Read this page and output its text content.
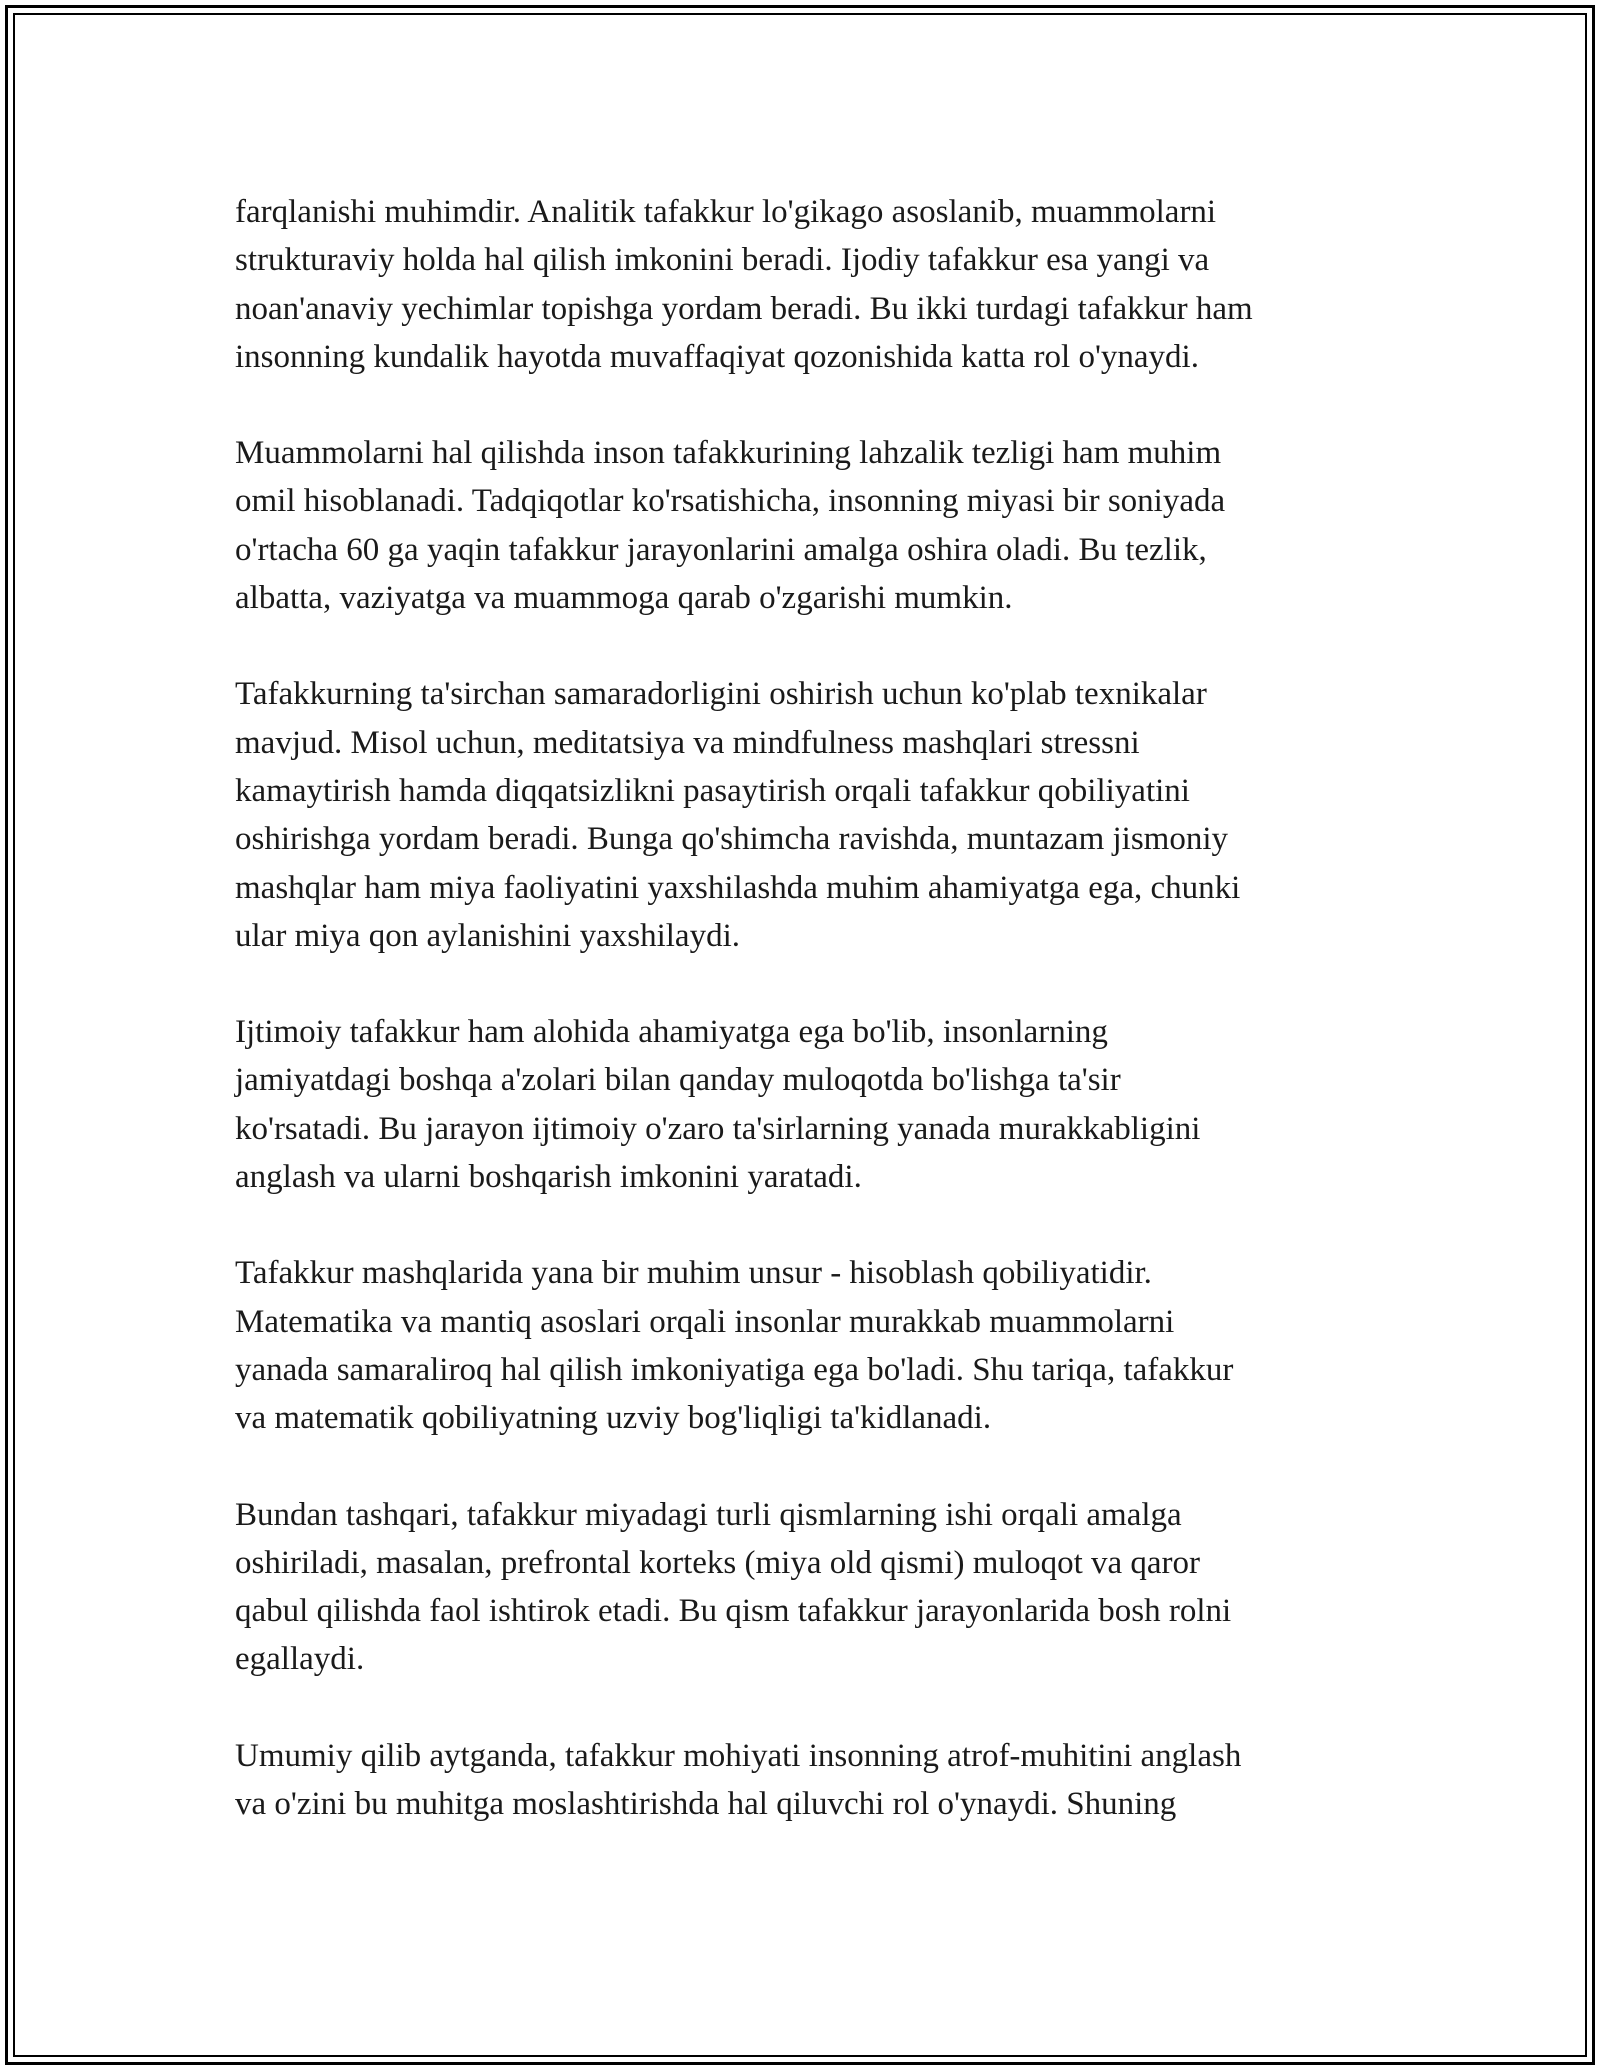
farqlanishi muhimdir. Analitik tafakkur lo'gikago asoslanib, muammolarni
strukturaviy holda hal qilish imkonini beradi. Ijodiy tafakkur esa yangi va
noan'anaviy yechimlar topishga yordam beradi. Bu ikki turdagi tafakkur ham
insonning kundalik hayotda muvaffaqiyat qozonishida katta rol o'ynaydi.

Muammolarni hal qilishda inson tafakkurining lahzalik tezligi ham muhim
omil hisoblanadi. Tadqiqotlar ko'rsatishicha, insonning miyasi bir soniyada
o'rtacha 60 ga yaqin tafakkur jarayonlarini amalga oshira oladi. Bu tezlik,
albatta, vaziyatga va muammoga qarab o'zgarishi mumkin.

Tafakkurning ta'sirchan samaradorligini oshirish uchun ko'plab texnikalar
mavjud. Misol uchun, meditatsiya va mindfulness mashqlari stressni
kamaytirish hamda diqqatsizlikni pasaytirish orqali tafakkur qobiliyatini
oshirishga yordam beradi. Bunga qo'shimcha ravishda, muntazam jismoniy
mashqlar ham miya faoliyatini yaxshilashda muhim ahamiyatga ega, chunki
ular miya qon aylanishini yaxshilaydi.

Ijtimoiy tafakkur ham alohida ahamiyatga ega bo'lib, insonlarning
jamiyatdagi boshqa a'zolari bilan qanday muloqotda bo'lishga ta'sir
ko'rsatadi. Bu jarayon ijtimoiy o'zaro ta'sirlarning yanada murakkabligini
anglash va ularni boshqarish imkonini yaratadi.

Tafakkur mashqlarida yana bir muhim unsur - hisoblash qobiliyatidir.
Matematika va mantiq asoslari orqali insonlar murakkab muammolarni
yanada samaraliroq hal qilish imkoniyatiga ega bo'ladi. Shu tariqa, tafakkur
va matematik qobiliyatning uzviy bog'liqligi ta'kidlanadi.

Bundan tashqari, tafakkur miyadagi turli qismlarning ishi orqali amalga
oshiriladi, masalan, prefrontal korteks (miya old qismi) muloqot va qaror
qabul qilishda faol ishtirok etadi. Bu qism tafakkur jarayonlarida bosh rolni
egallaydi.

Umumiy qilib aytganda, tafakkur mohiyati insonning atrof-muhitini anglash
va o'zini bu muhitga moslashtirishda hal qiluvchi rol o'ynaydi. Shuning
